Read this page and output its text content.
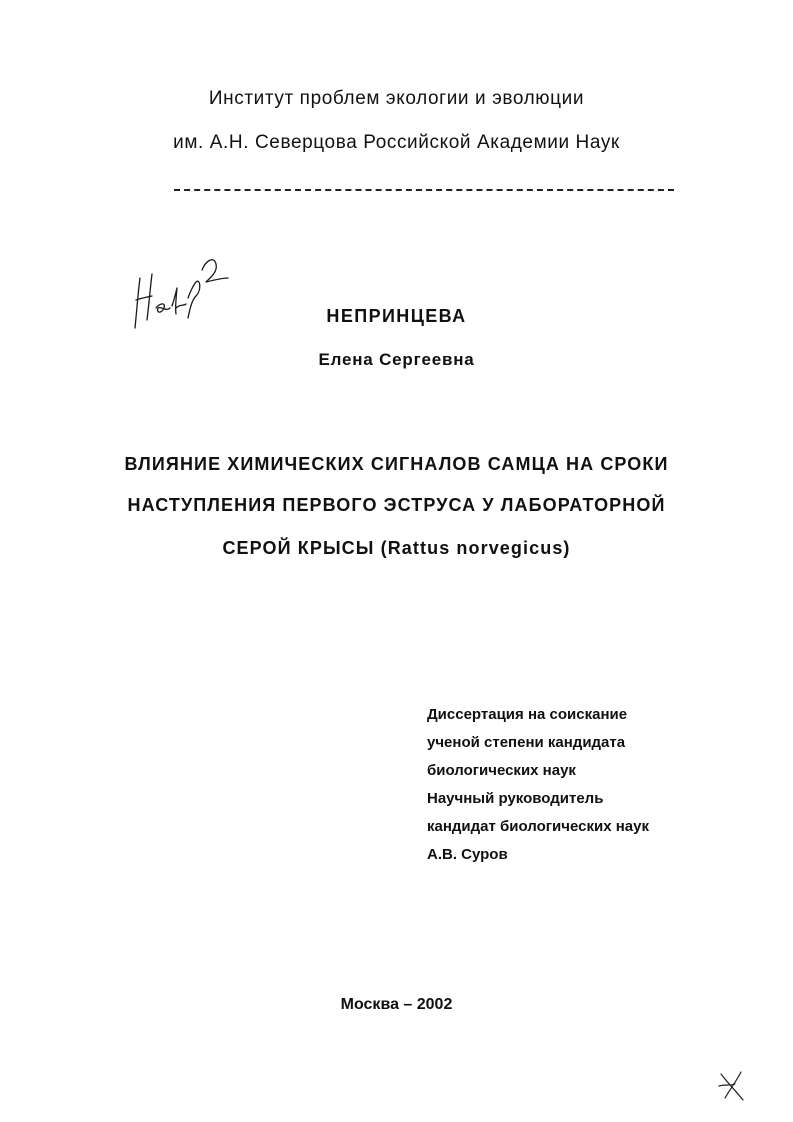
Институт проблем экологии и эволюции
им. А.Н. Северцова Российской Академии Наук
НЕПРИНЦЕВА
Елена Сергеевна
ВЛИЯНИЕ ХИМИЧЕСКИХ СИГНАЛОВ САМЦА НА СРОКИ
НАСТУПЛЕНИЯ ПЕРВОГО ЭСТРУСА У ЛАБОРАТОРНОЙ
СЕРОЙ КРЫСЫ (Rattus norvegicus)
Диссертация на соискание
ученой степени кандидата
биологических наук
Научный руководитель
кандидат биологических наук
А.В. Суров
Москва – 2002
